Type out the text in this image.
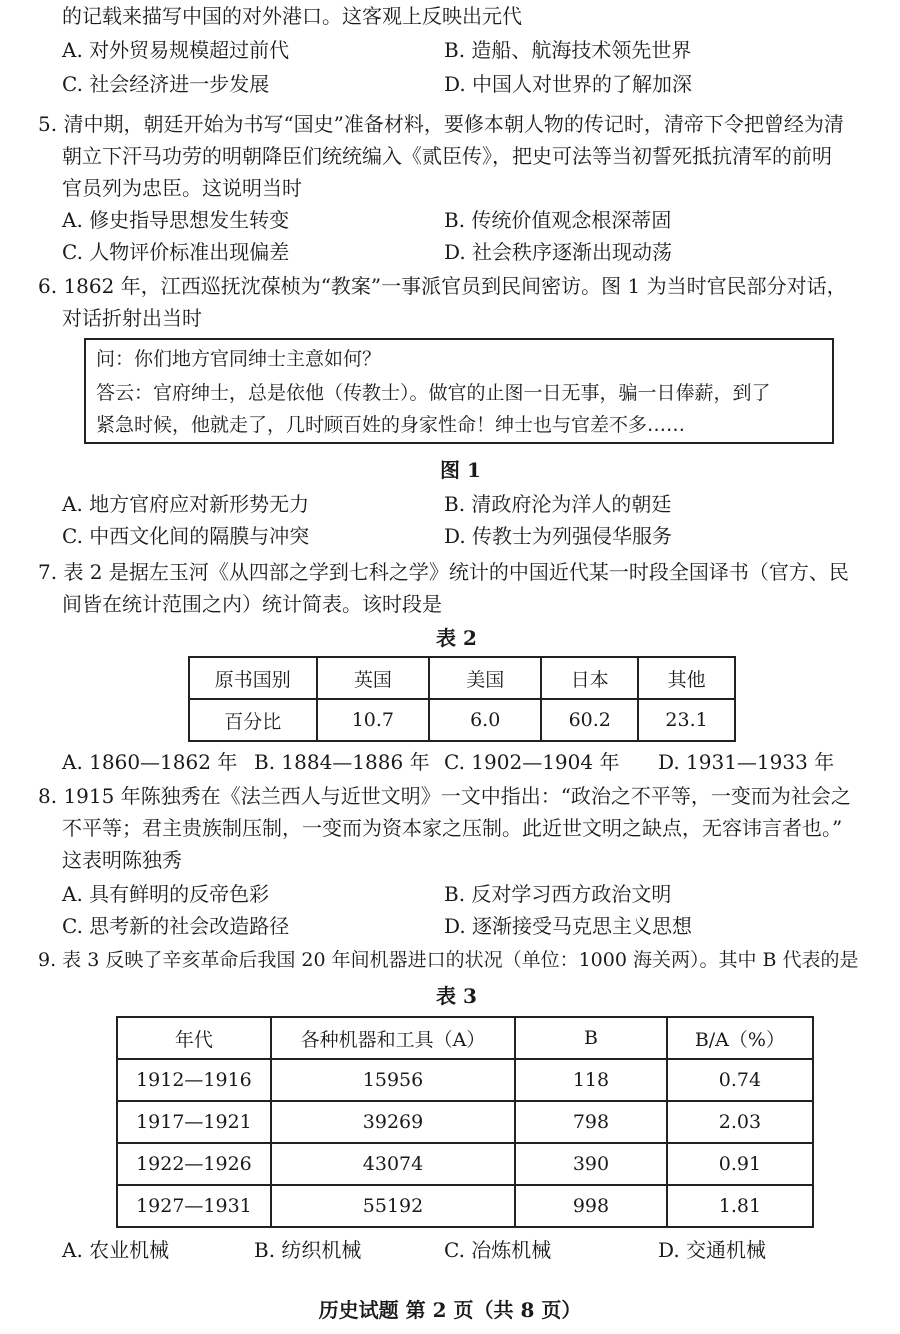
的记载来描写中国的对外港口。这客观上反映出元代
A. 对外贸易规模超过前代	B. 造船、航海技术领先世界
C. 社会经济进一步发展	D. 中国人对世界的了解加深
5. 清中期，朝廷开始为书写“国史”准备材料，要修本朝人物的传记时，清帝下令把曾经为清
朝立下汗马功劳的明朝降臣们统统编入《贰臣传》，把史可法等当初誓死抵抗清军的前明
官员列为忠臣。这说明当时
A. 修史指导思想发生转变	B. 传统价值观念根深蒂固
C. 人物评价标准出现偏差	D. 社会秩序逐渐出现动荡
6. 1862 年，江西巡抚沈葆桢为“教案”一事派官员到民间密访。图 1 为当时官民部分对话，
对话折射出当时
问：你们地方官同绅士主意如何？
答云：官府绅士，总是依他（传教士）。做官的止图一日无事，骗一日俸薪，到了
紧急时候，他就走了，几时顾百姓的身家性命！绅士也与官差不多……
图 1
A. 地方官府应对新形势无力	B. 清政府沦为洋人的朝廷
C. 中西文化间的隔膜与冲突	D. 传教士为列强侵华服务
7. 表 2 是据左玉河《从四部之学到七科之学》统计的中国近代某一时段全国译书（官方、民
间皆在统计范围之内）统计简表。该时段是
表 2
原书国别	英国	美国	日本	其他
百分比	10.7	6.0	60.2	23.1
A. 1860—1862 年 B. 1884—1886 年 C. 1902—1904 年 D. 1931—1933 年
8. 1915 年陈独秀在《法兰西人与近世文明》一文中指出：“政治之不平等，一变而为社会之
不平等；君主贵族制压制，一变而为资本家之压制。此近世文明之缺点，无容讳言者也。”
这表明陈独秀
A. 具有鲜明的反帝色彩	B. 反对学习西方政治文明
C. 思考新的社会改造路径	D. 逐渐接受马克思主义思想
9. 表 3 反映了辛亥革命后我国 20 年间机器进口的状况（单位：1000 海关两）。其中 B 代表的是
表 3
年代	各种机器和工具（A）	B	B/A（%）
1912—1916	15956	118	0.74
1917—1921	39269	798	2.03
1922—1926	43074	390	0.91
1927—1931	55192	998	1.81
A. 农业机械	B. 纺织机械	C. 冶炼机械	D. 交通机械
历史试题 第 2 页（共 8 页）
